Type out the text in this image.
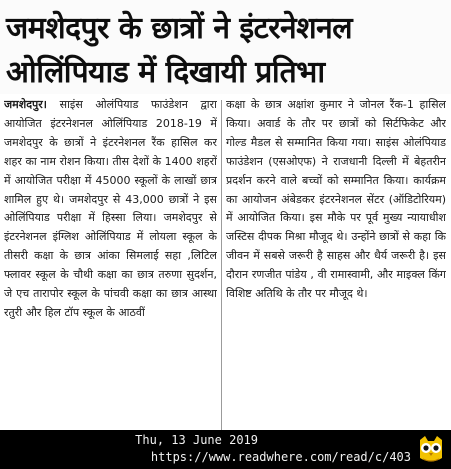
जमशेदपुर के छात्रों ने इंटरनेशनल
ओलिंपियाड में दिखायी प्रतिभा

जमशेदपुर। साइंस ओलंपियाड फाउंडेशन द्वारा आयोजित इंटरनेशनल ओलिंपियाड 2018-19 में जमशेदपुर के छात्रों ने इंटरनेशनल रैंक हासिल कर शहर का नाम रोशन किया। तीस देशों के 1400 शहरों में आयोजित परीक्षा में 45000 स्कूलों के लाखों छात्र शामिल हुए थे। जमशेदपुर से 43,000 छात्रों ने इस ओलिंपियाड परीक्षा में हिस्सा लिया। जमशेदपुर से इंटरनेशनल इंग्लिश ओलिंपियाड में लोयला स्कूल के तीसरी कक्षा के छात्र आंका सिमलाई सहा ,लिटिल फ्लावर स्कूल के चौथी कक्षा का छात्र तरुणा सुदर्शन, जे एच तारापोर स्कूल के पांचवी कक्षा का छात्र आस्था रतुरी और हिल टॉप स्कूल के आठवीं

कक्षा के छात्र अक्षांश कुमार ने जोनल रैंक-1 हासिल किया। अवार्ड के तौर पर छात्रों को सिर्टफिकेट और गोल्ड मैडल से सम्मानित किया गया। साइंस ओलंपियाड फाउंडेशन (एसओएफ) ने राजधानी दिल्ली में बेहतरीन प्रदर्शन करने वाले बच्चों को सम्मानित किया। कार्यक्रम का आयोजन अंबेडकर इंटरनेशनल सेंटर (ऑडिटोरियम) में आयोजित किया। इस मौके पर पूर्व मुख्य न्यायाधीश जस्टिस दीपक मिश्रा मौजूद थे। उन्होंने छात्रों से कहा कि जीवन में सबसे जरूरी है साहस और धैर्य जरूरी है। इस दौरान रणजीत पांडेय , वी रामास्वामी, और माइक्ल किंग विशिष्ट अतिथि के तौर पर मौजूद थे।

Thu, 13 June 2019
https://www.readwhere.com/read/c/403
